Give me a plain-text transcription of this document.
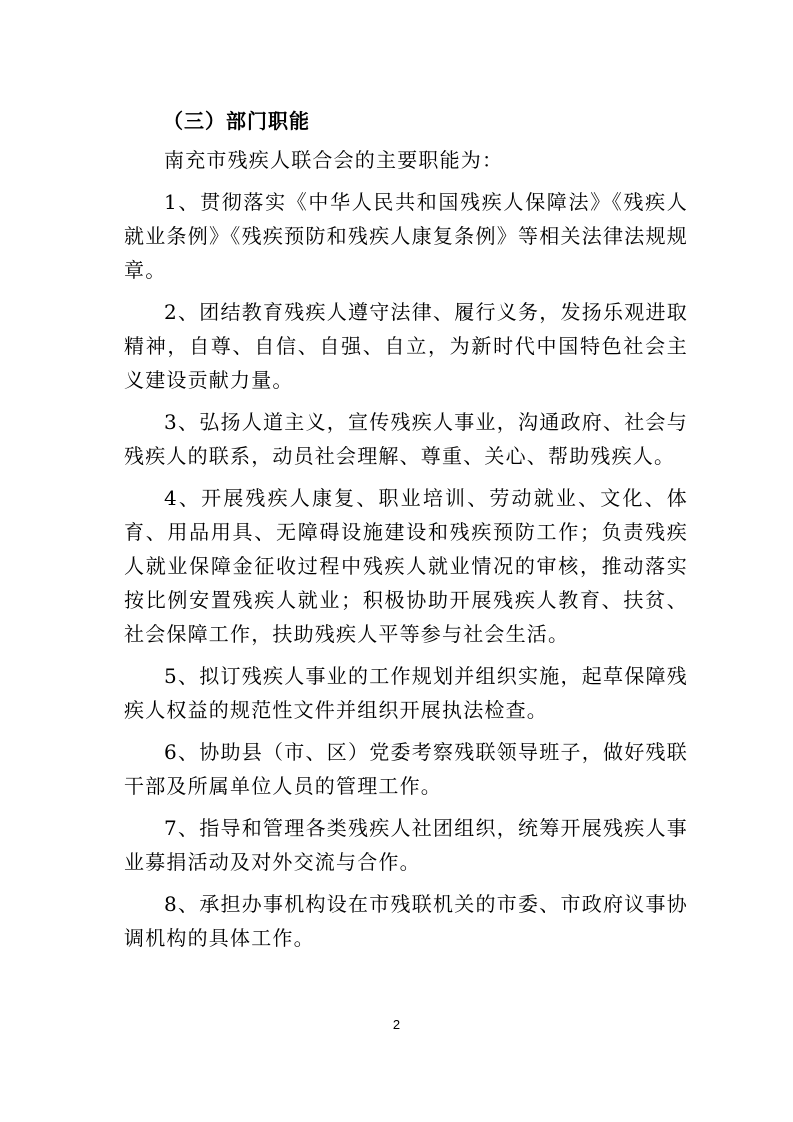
（三）部门职能

南充市残疾人联合会的主要职能为：

1、贯彻落实《中华人民共和国残疾人保障法》《残疾人就业条例》《残疾预防和残疾人康复条例》等相关法律法规规章。

2、团结教育残疾人遵守法律、履行义务，发扬乐观进取精神，自尊、自信、自强、自立，为新时代中国特色社会主义建设贡献力量。

3、弘扬人道主义，宣传残疾人事业，沟通政府、社会与残疾人的联系，动员社会理解、尊重、关心、帮助残疾人。

4、开展残疾人康复、职业培训、劳动就业、文化、体育、用品用具、无障碍设施建设和残疾预防工作；负责残疾人就业保障金征收过程中残疾人就业情况的审核，推动落实按比例安置残疾人就业；积极协助开展残疾人教育、扶贫、社会保障工作，扶助残疾人平等参与社会生活。

5、拟订残疾人事业的工作规划并组织实施，起草保障残疾人权益的规范性文件并组织开展执法检查。

6、协助县（市、区）党委考察残联领导班子，做好残联干部及所属单位人员的管理工作。

7、指导和管理各类残疾人社团组织，统筹开展残疾人事业募捐活动及对外交流与合作。

8、承担办事机构设在市残联机关的市委、市政府议事协调机构的具体工作。

2
